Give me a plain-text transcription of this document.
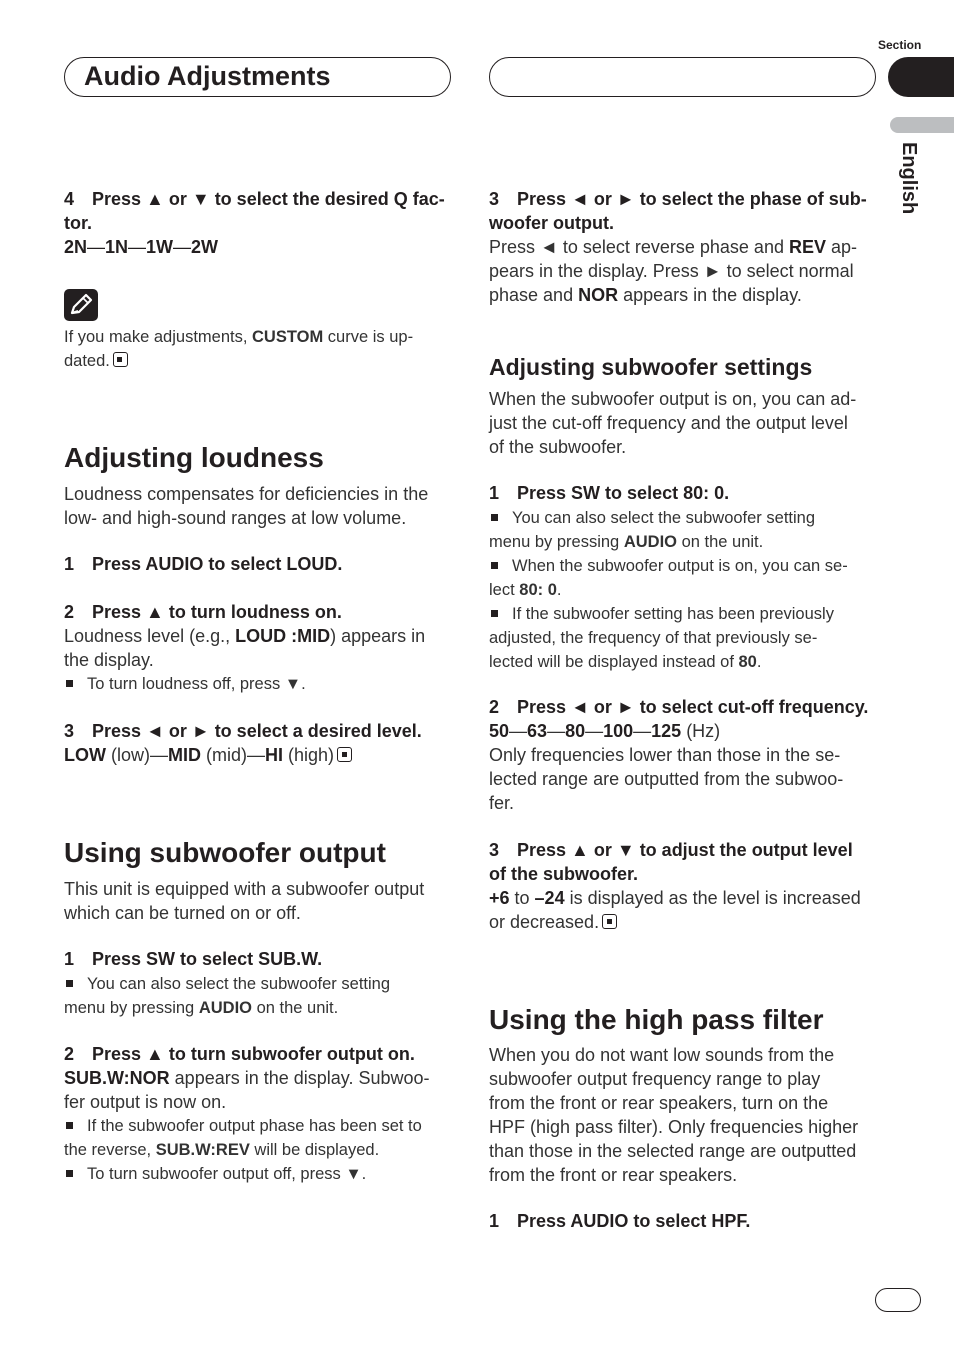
Audio Adjustments
Section
English
4 Press ▲ or ▼ to select the desired Q fac-
tor.
2N—1N—1W—2W
If you make adjustments, CUSTOM curve is up-
dated.
Adjusting loudness
Loudness compensates for deficiencies in the
low- and high-sound ranges at low volume.
1 Press AUDIO to select LOUD.
2 Press ▲ to turn loudness on.
Loudness level (e.g., LOUD :MID) appears in
the display.
To turn loudness off, press ▼.
3 Press ◄ or ► to select a desired level.
LOW (low)—MID (mid)—HI (high)
Using subwoofer output
This unit is equipped with a subwoofer output
which can be turned on or off.
1 Press SW to select SUB.W.
You can also select the subwoofer setting
menu by pressing AUDIO on the unit.
2 Press ▲ to turn subwoofer output on.
SUB.W:NOR appears in the display. Subwoo-
fer output is now on.
If the subwoofer output phase has been set to
the reverse, SUB.W:REV will be displayed.
To turn subwoofer output off, press ▼.
3 Press ◄ or ► to select the phase of sub-
woofer output.
Press ◄ to select reverse phase and REV ap-
pears in the display. Press ► to select normal
phase and NOR appears in the display.
Adjusting subwoofer settings
When the subwoofer output is on, you can ad-
just the cut-off frequency and the output level
of the subwoofer.
1 Press SW to select 80: 0.
You can also select the subwoofer setting
menu by pressing AUDIO on the unit.
When the subwoofer output is on, you can se-
lect 80: 0.
If the subwoofer setting has been previously
adjusted, the frequency of that previously se-
lected will be displayed instead of 80.
2 Press ◄ or ► to select cut-off frequency.
50—63—80—100—125 (Hz)
Only frequencies lower than those in the se-
lected range are outputted from the subwoo-
fer.
3 Press ▲ or ▼ to adjust the output level
of the subwoofer.
+6 to –24 is displayed as the level is increased
or decreased.
Using the high pass filter
When you do not want low sounds from the
subwoofer output frequency range to play
from the front or rear speakers, turn on the
HPF (high pass filter). Only frequencies higher
than those in the selected range are outputted
from the front or rear speakers.
1 Press AUDIO to select HPF.
